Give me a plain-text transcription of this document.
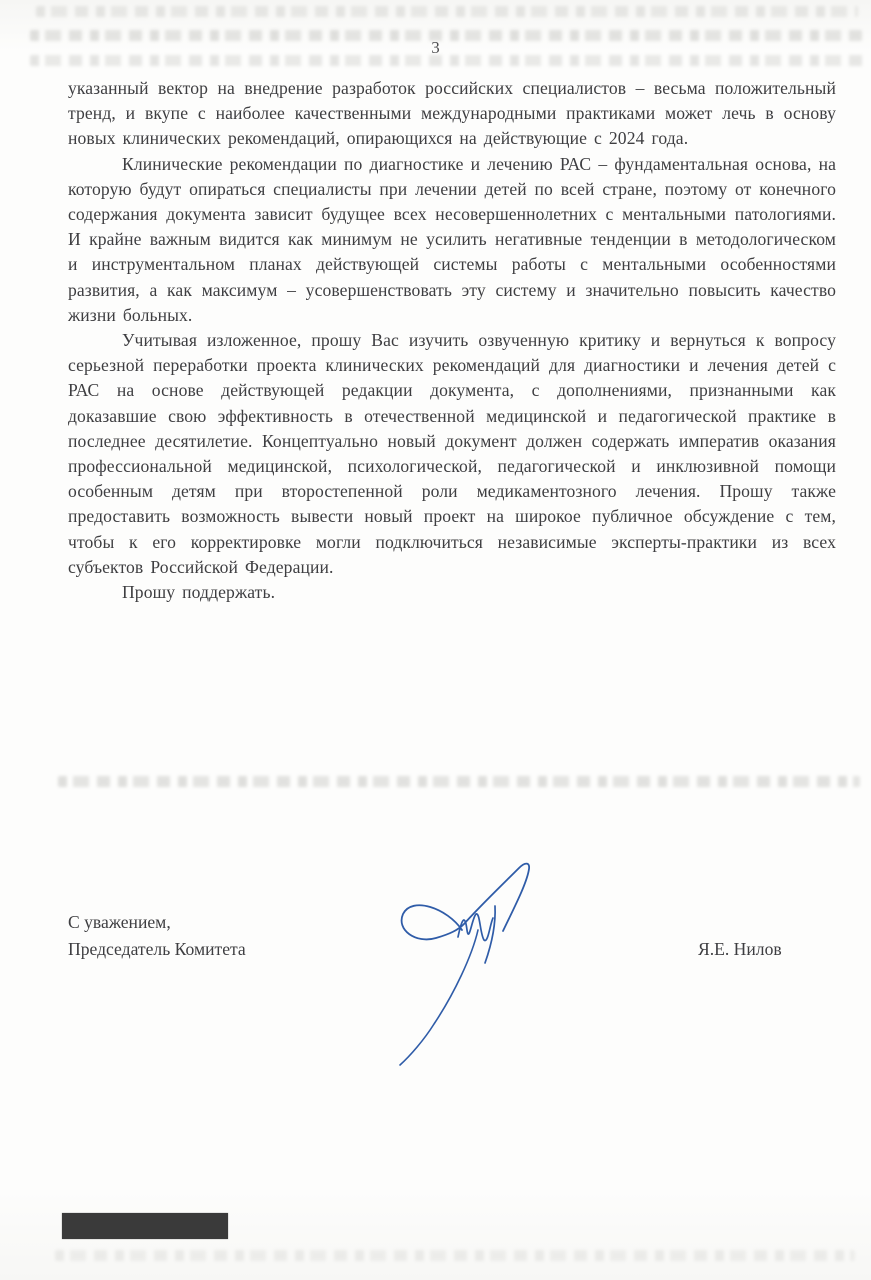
3

указанный вектор на внедрение разработок российских специалистов – весьма положительный тренд, и вкупе с наиболее качественными международными практиками может лечь в основу новых клинических рекомендаций, опирающихся на действующие с 2024 года.

Клинические рекомендации по диагностике и лечению РАС – фундаментальная основа, на которую будут опираться специалисты при лечении детей по всей стране, поэтому от конечного содержания документа зависит будущее всех несовершеннолетних с ментальными патологиями. И крайне важным видится как минимум не усилить негативные тенденции в методологическом и инструментальном планах действующей системы работы с ментальными особенностями развития, а как максимум – усовершенствовать эту систему и значительно повысить качество жизни больных.

Учитывая изложенное, прошу Вас изучить озвученную критику и вернуться к вопросу серьезной переработки проекта клинических рекомендаций для диагностики и лечения детей с РАС на основе действующей редакции документа, с дополнениями, признанными как доказавшие свою эффективность в отечественной медицинской и педагогической практике в последнее десятилетие. Концептуально новый документ должен содержать императив оказания профессиональной медицинской, психологической, педагогической и инклюзивной помощи особенным детям при второстепенной роли медикаментозного лечения. Прошу также предоставить возможность вывести новый проект на широкое публичное обсуждение с тем, чтобы к его корректировке могли подключиться независимые эксперты-практики из всех субъектов Российской Федерации.

Прошу поддержать.

С уважением,
Председатель Комитета	Я.Е. Нилов
